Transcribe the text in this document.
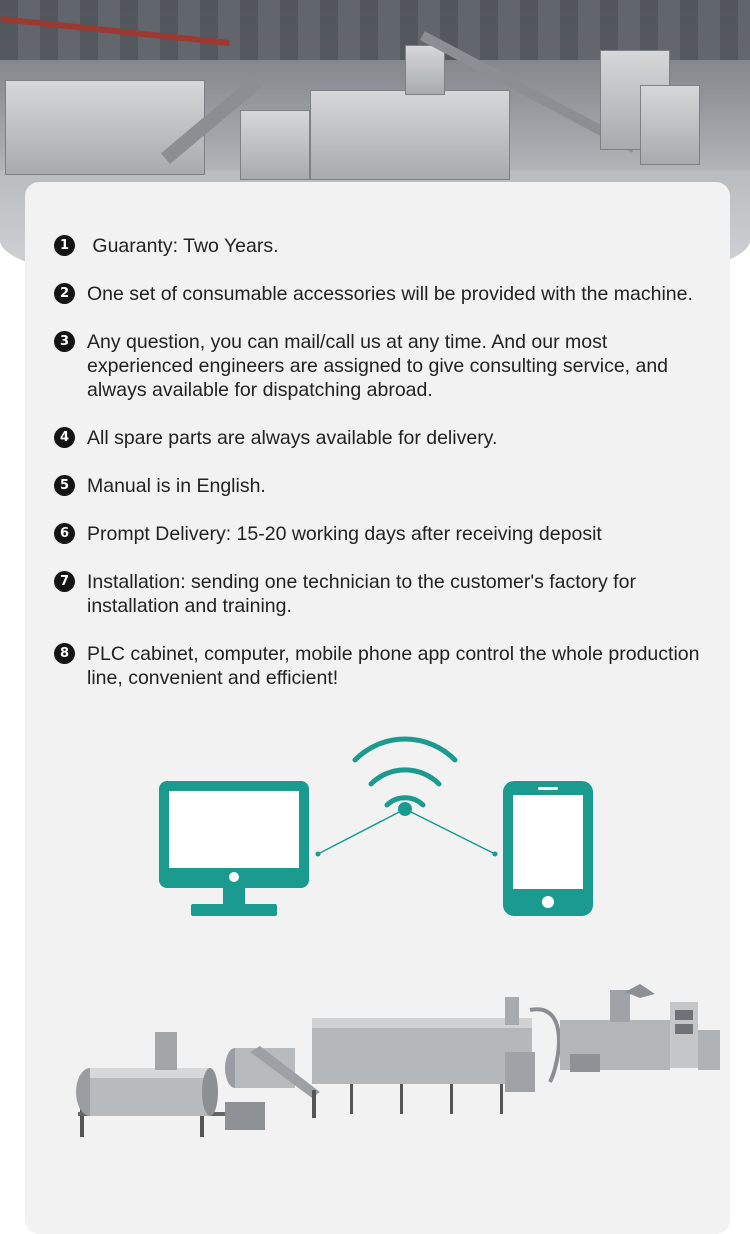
1 Guaranty: Two Years.
2 One set of consumable accessories will be provided with the machine.
3 Any question, you can mail/call us at any time. And our most experienced engineers are assigned to give consulting service, and always available for dispatching abroad.
4 All spare parts are always available for delivery.
5 Manual is in English.
6 Prompt Delivery: 15-20 working days after receiving deposit
7 Installation: sending one technician to the customer's factory for installation and training.
8 PLC cabinet, computer, mobile phone app control the whole production line, convenient and efficient!
